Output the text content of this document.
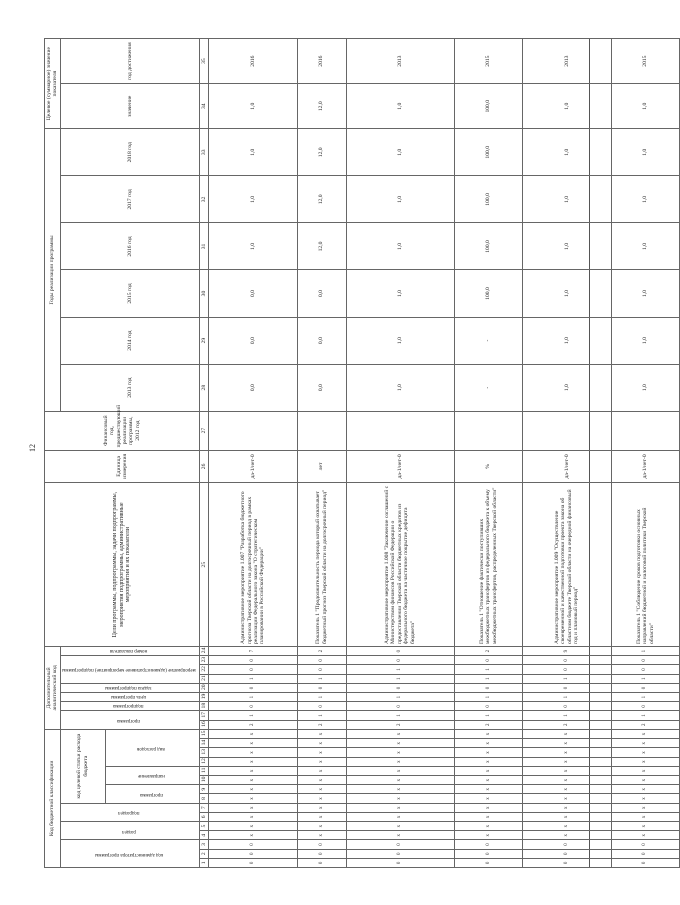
12
Код бюджетной классификации															Дополнительный аналитический код									Цели программы, подпрограммы, задачи подпрограммы, мероприятия подпрограммы, административные мероприятия и их показатели	Единица измерения	Финансовый год, предшествующий реализации программы, 2012 год	Годы реализации программы						Целевое (суммарное) значение показателя	
код администратора программы			раздел		подраздел		код целевой статьи расхода бюджета								программа		подпрограмма	цель программы	задача подпрограммы	мероприятие (административное мероприятие) подпрограммы			номер показателя				2013 год	2014 год	2015 год	2016 год	2017 год	2018 год	значение	год достижения
							программа		направление		вид расходов																							
1	2	3	4	5	6	7	8	9	10	11	12	13	14	15	16	17	18	19	20	21	22	23	24	25	26	27	28	29	30	31	32	33	34	35
0	0	0	x	x	x	x	x	x	x	x	x	x	x	x	2	1	0	1	0	1	0	0	7	Административное мероприятие 1.007 "Разработка бюджетного прогноза Тверской области на долгосрочный период в рамках реализации Федерального закона "О стратегическом планировании в Российской Федерации"	да-1/нет-0		0,0	0,0	0,0	1,0	1,0	1,0	1,0	2016
0	0	0	x	x	x	x	x	x	x	x	x	x	x	x	2	1	0	1	0	1	0	0	2	Показатель 1 "Продолжительность периода который охватывает бюджетный прогноз Тверской области на долгосрочный период"	лет		0,0	0,0	0,0	12,0	12,0	12,0	12,0	2016
0	0	0	x	x	x	x	x	x	x	x	x	x	x	x	2	1	0	1	0	1	1	0	0	Административное мероприятие 1.008 "Заключение соглашений с Министерством финансов Российской Федерации о предоставлении Тверской области бюджетных кредитов из федерального бюджета на частичное покрытие дефицита бюджета"	да-1/нет-0		1,0	1,0	1,0	1,0	1,0	1,0	1,0	2013
0	0	0	x	x	x	x	x	x	x	x	x	x	x	x	2	1	0	1	0	1	1	0	2	Показатель 1 "Отношение фактически поступивших межбюджетных трансфертов из федерального бюджета к объему межбюджетных трансфертов, распределенных Тверской области"	%		-	-	100,0	100,0	100,0	100,0	100,0	2015
0	0	0	x	x	x	x	x	x	x	x	x	x	x	x	2	1	0	1	0	1	0	0	9	Административное мероприятие 1.009 "Осуществление своевременной и качественной подготовки проекта закона об областном бюджете Тверской области на очередной финансовый год и плановый период"	да-1/нет-0		1,0	1,0	1,0	1,0	1,0	1,0	1,0	2013
0	0	0	x	x	x	x	x	x	x	x	x	x	x	x	2	1	0	1	0	1	0	0	1	Показатель 1 "Соблюдение сроков подготовки основных направлений бюджетной и налоговой политики Тверской области"	да-1/нет-0		1,0	1,0	1,0	1,0	1,0	1,0	1,0	2015
